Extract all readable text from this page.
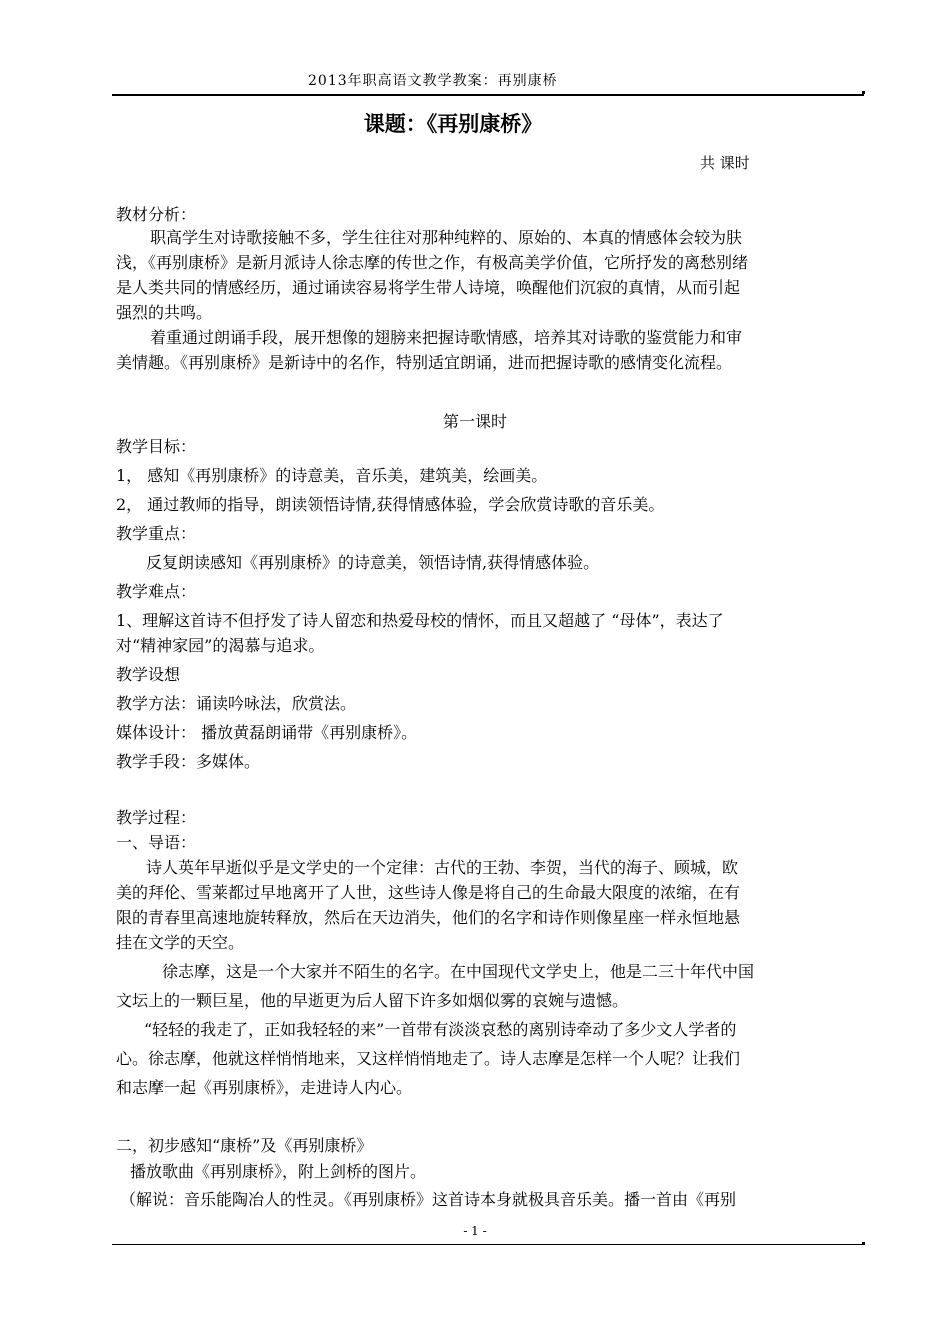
2013年职高语文教学教案：再别康桥
课题：《再别康桥》
共 课时
教材分析：
职高学生对诗歌接触不多，学生往往对那种纯粹的、原始的、本真的情感体会较为肤
浅，《再别康桥》是新月派诗人徐志摩的传世之作，有极高美学价值，它所抒发的离愁别绪
是人类共同的情感经历，通过诵读容易将学生带人诗境，唤醒他们沉寂的真情，从而引起
强烈的共鸣。
着重通过朗诵手段，展开想像的翅膀来把握诗歌情感，培养其对诗歌的鉴赏能力和审
美情趣。《再别康桥》是新诗中的名作，特别适宜朗诵，进而把握诗歌的感情变化流程。
第一课时
教学目标：
1， 感知《再别康桥》的诗意美，音乐美，建筑美，绘画美。
2， 通过教师的指导，朗读领悟诗情,获得情感体验，学会欣赏诗歌的音乐美。
教学重点：
反复朗读感知《再别康桥》的诗意美，领悟诗情,获得情感体验。
教学难点：
1、理解这首诗不但抒发了诗人留恋和热爱母校的情怀，而且又超越了 “母体”，表达了
对“精神家园”的渴慕与追求。
教学设想
教学方法：诵读吟咏法，欣赏法。
媒体设计： 播放黄磊朗诵带《再别康桥》。
教学手段：多媒体。
教学过程：
一、导语：
诗人英年早逝似乎是文学史的一个定律：古代的王勃、李贺，当代的海子、顾城，欧
美的拜伦、雪莱都过早地离开了人世，这些诗人像是将自己的生命最大限度的浓缩，在有
限的青春里高速地旋转释放，然后在天边消失，他们的名字和诗作则像星座一样永恒地悬
挂在文学的天空。
徐志摩，这是一个大家并不陌生的名字。在中国现代文学史上，他是二三十年代中国
文坛上的一颗巨星，他的早逝更为后人留下许多如烟似雾的哀婉与遗憾。
“轻轻的我走了，正如我轻轻的来”一首带有淡淡哀愁的离别诗牵动了多少文人学者的
心。徐志摩，他就这样悄悄地来，又这样悄悄地走了。诗人志摩是怎样一个人呢？让我们
和志摩一起《再别康桥》，走进诗人内心。
二，初步感知“康桥”及《再别康桥》
播放歌曲《再别康桥》，附上剑桥的图片。
（解说：音乐能陶冶人的性灵。《再别康桥》这首诗本身就极具音乐美。播一首由《再别
- 1 -
